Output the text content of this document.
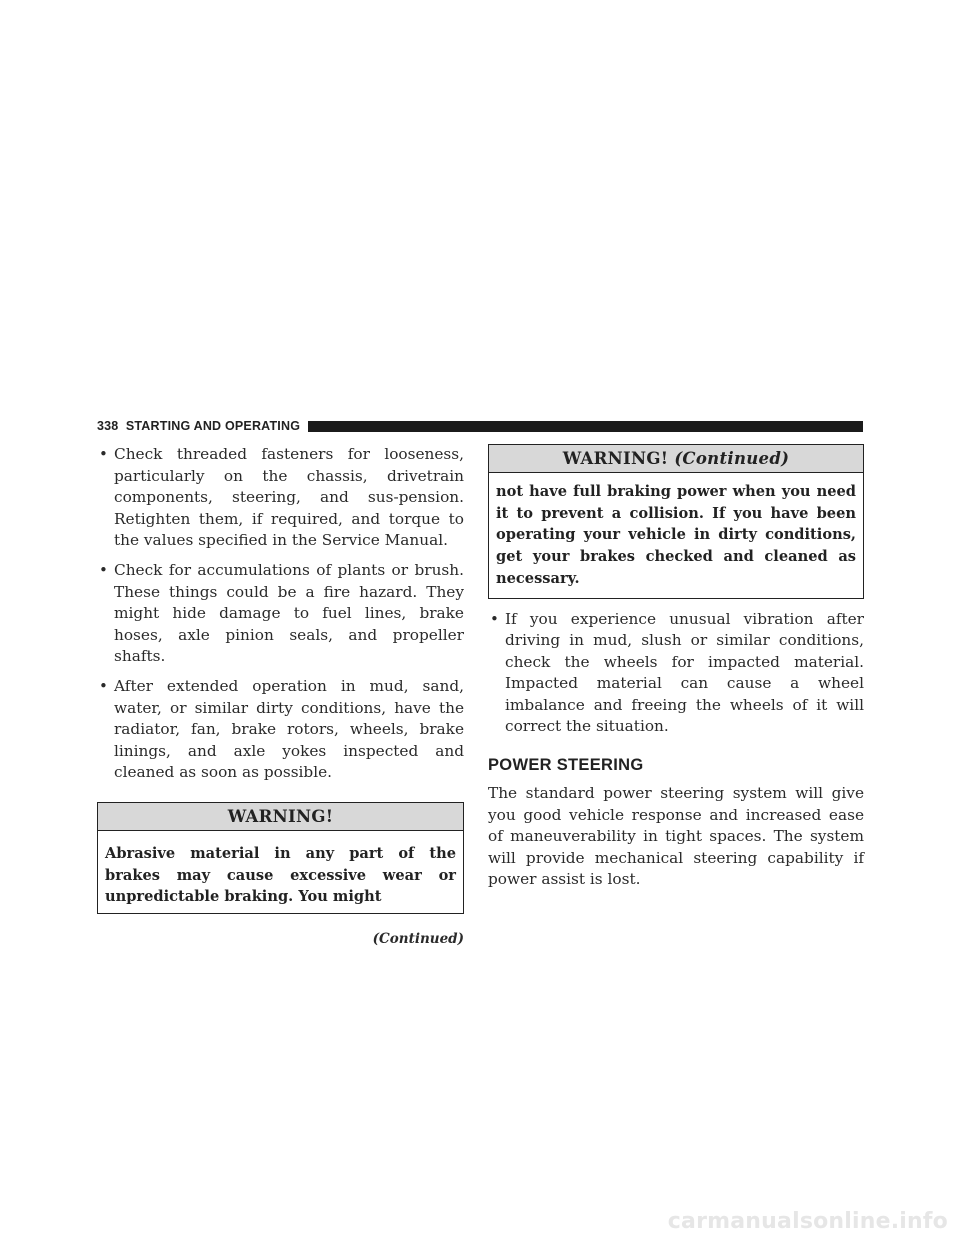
338 STARTING AND OPERATING
• Check threaded fasteners for looseness, particularly on the chassis, drivetrain components, steering, and sus-pension. Retighten them, if required, and torque to the values specified in the Service Manual.
• Check for accumulations of plants or brush. These things could be a fire hazard. They might hide damage to fuel lines, brake hoses, axle pinion seals, and propeller shafts.
• After extended operation in mud, sand, water, or similar dirty conditions, have the radiator, fan, brake rotors, wheels, brake linings, and axle yokes inspected and cleaned as soon as possible.
WARNING!
Abrasive material in any part of the brakes may cause excessive wear or unpredictable braking. You might
(Continued)
WARNING! (Continued)
not have full braking power when you need it to prevent a collision. If you have been operating your vehicle in dirty conditions, get your brakes checked and cleaned as necessary.
• If you experience unusual vibration after driving in mud, slush or similar conditions, check the wheels for impacted material. Impacted material can cause a wheel imbalance and freeing the wheels of it will correct the situation.
POWER STEERING
The standard power steering system will give you good vehicle response and increased ease of maneuverability in tight spaces. The system will provide mechanical steering capability if power assist is lost.
carmanualsonline.info
